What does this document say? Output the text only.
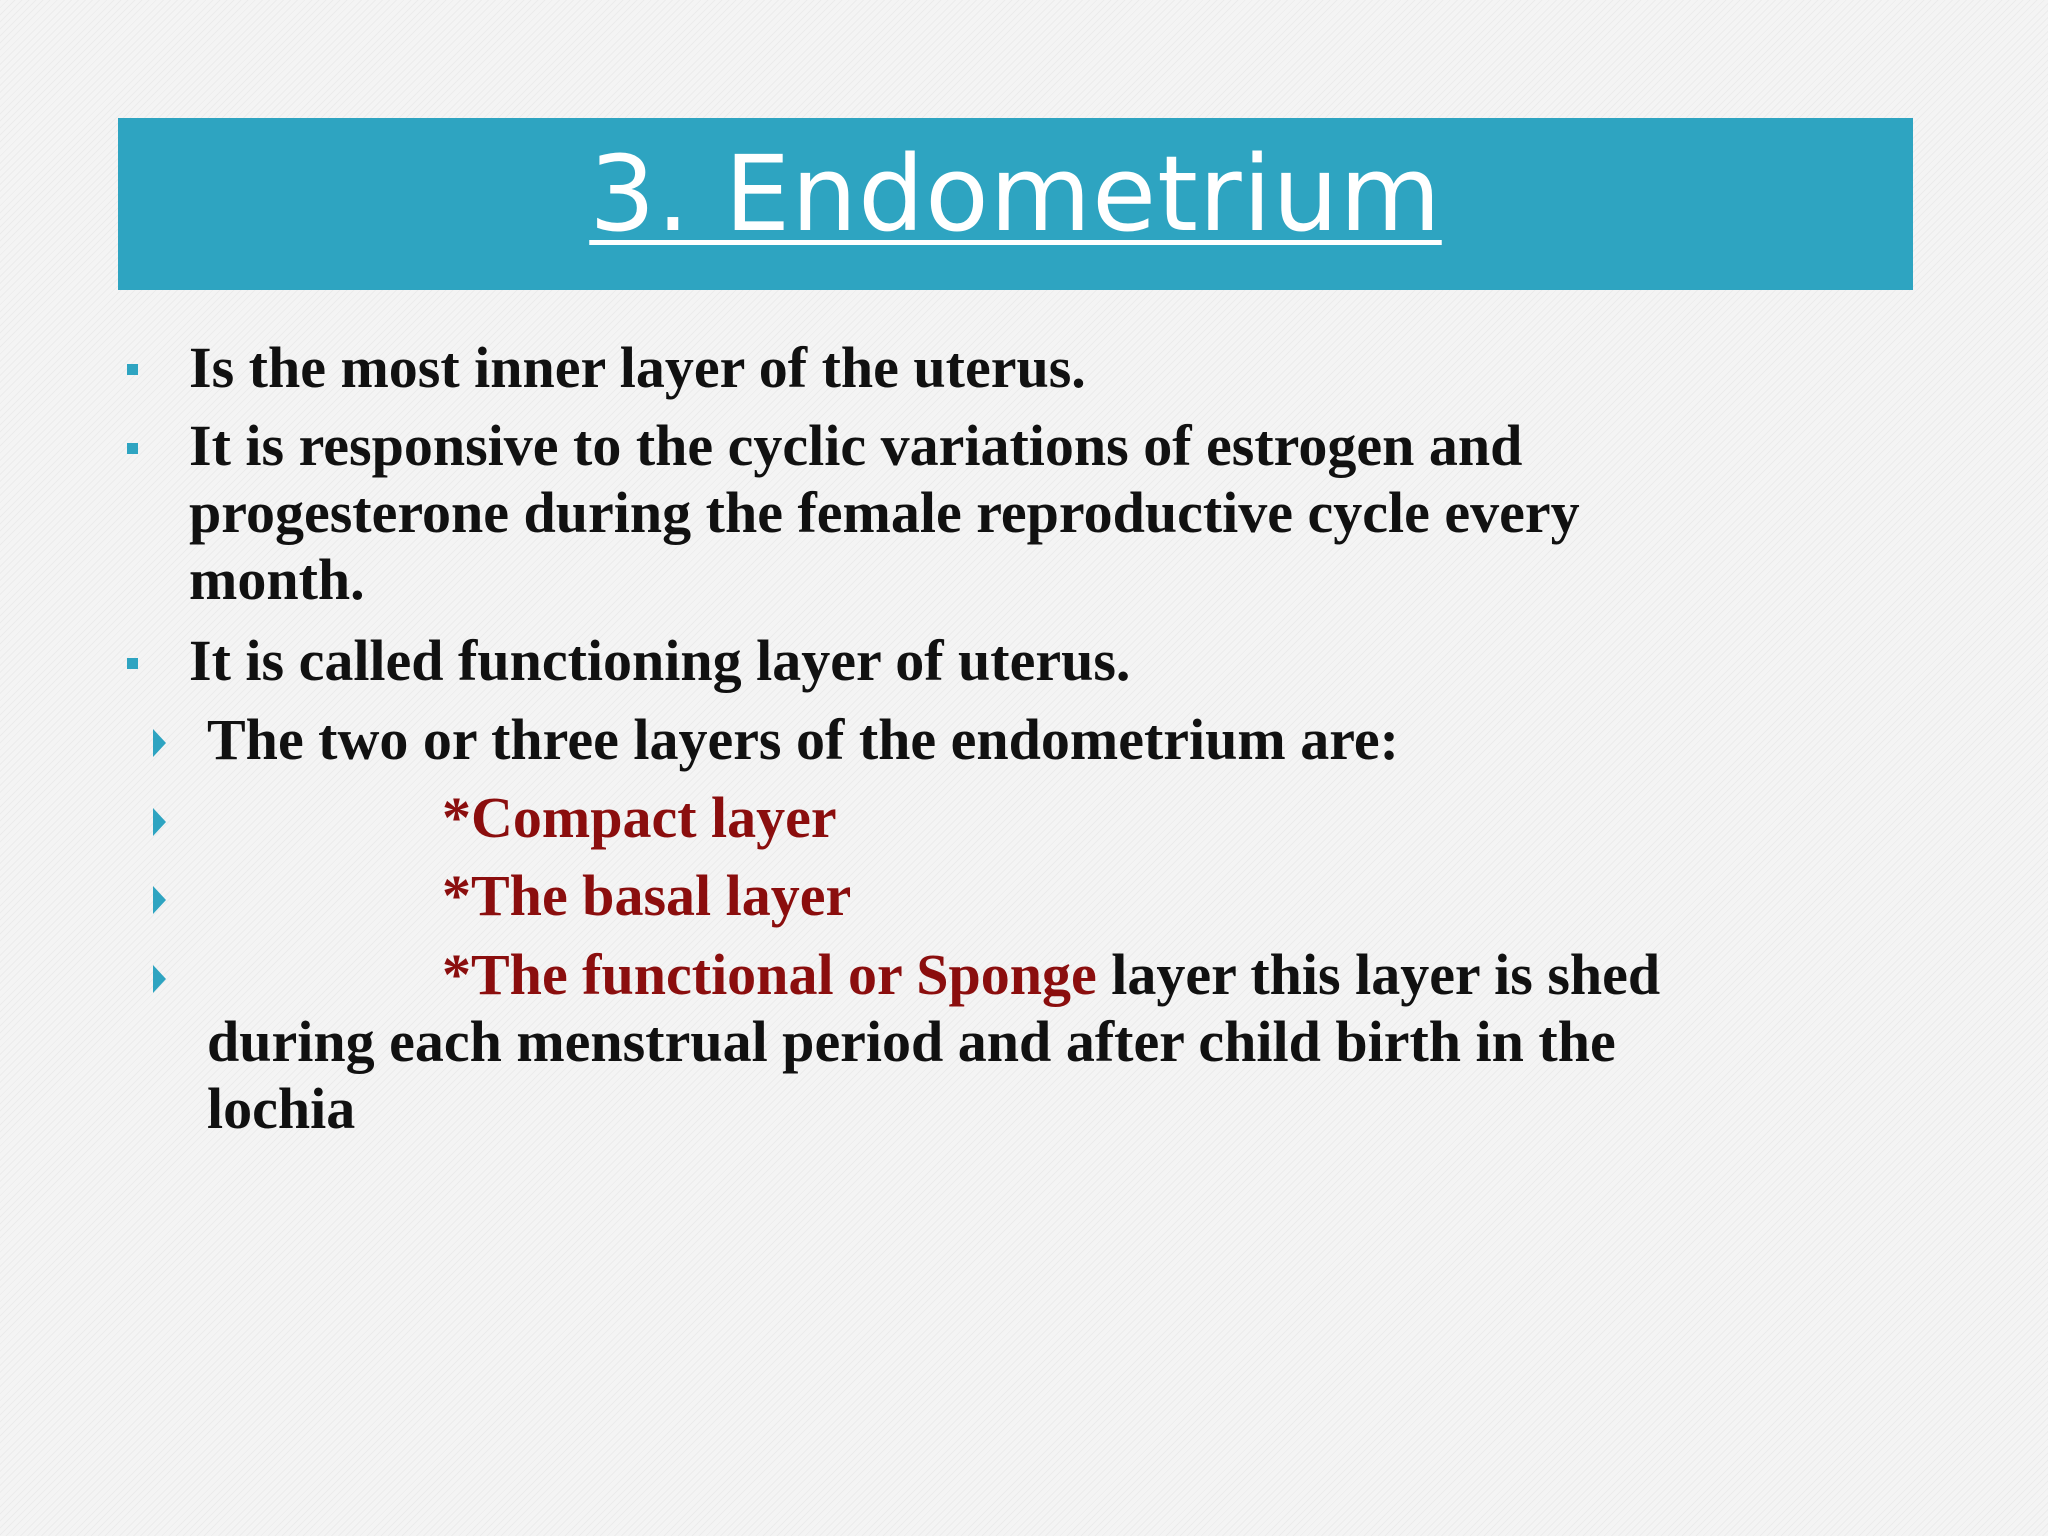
3. Endometrium
Is the most inner layer of the uterus.
It is responsive to the cyclic variations of estrogen and
progesterone during the female reproductive cycle every
month.
It is called functioning layer of uterus.
The two or three layers of the endometrium are:
*Compact layer
*The basal layer
*The functional or Sponge layer this layer is shed
during each menstrual period and after child birth in the
lochia
